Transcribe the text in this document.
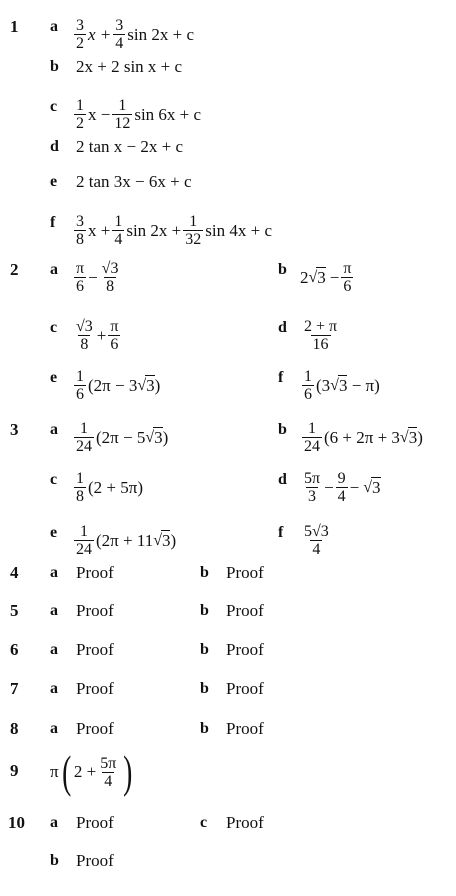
1 a $\frac{3}{2}$ $x + \frac{3}{4}$ sin 2x + c
b 2x + 2 sin x + c
c $\frac{1}{2}$ $x - \frac{1}{12}$ sin 6x + c
d 2 tan x − 2x + c
e 2 tan 3x − 6x + c
f $\frac{3}{8}$ $x + \frac{1}{4}$ $\sin 2x + \frac{1}{32}$ sin 4x + c
2 a $\frac{\pi}{6} - \frac{√3}{8}$	b 2 √ $3 - \frac{\pi}{6}$
c $\frac{√3}{8} + \frac{\pi}{6}$	d $\frac{2 + \pi}{16}$
e $\frac{1}{6} (2\pi - 3$ √ 3 )	f $\frac{1}{6} (3$ √ 3 − π)
3 a $\frac{1}{24} (2\pi - 5$ √ 3 )	b $\frac{1}{24} (6 + 2\pi + 3$ √ 3 )
c $\frac{1}{8} (2 + 5\pi)$	d $\frac{5\pi}{3} - \frac{9}{4}$ − √ 3
e $\frac{1}{24} (2\pi + 11$ √ 3 )	f $\frac{5√3}{4}$
4 a Proof	b Proof
5 a Proof	b Proof
6 a Proof	b Proof
7 a Proof	b Proof
8 a Proof	b Proof
9 π ( $2 + \frac{5\pi}{4}$ )
10 a Proof	c Proof
b Proof
